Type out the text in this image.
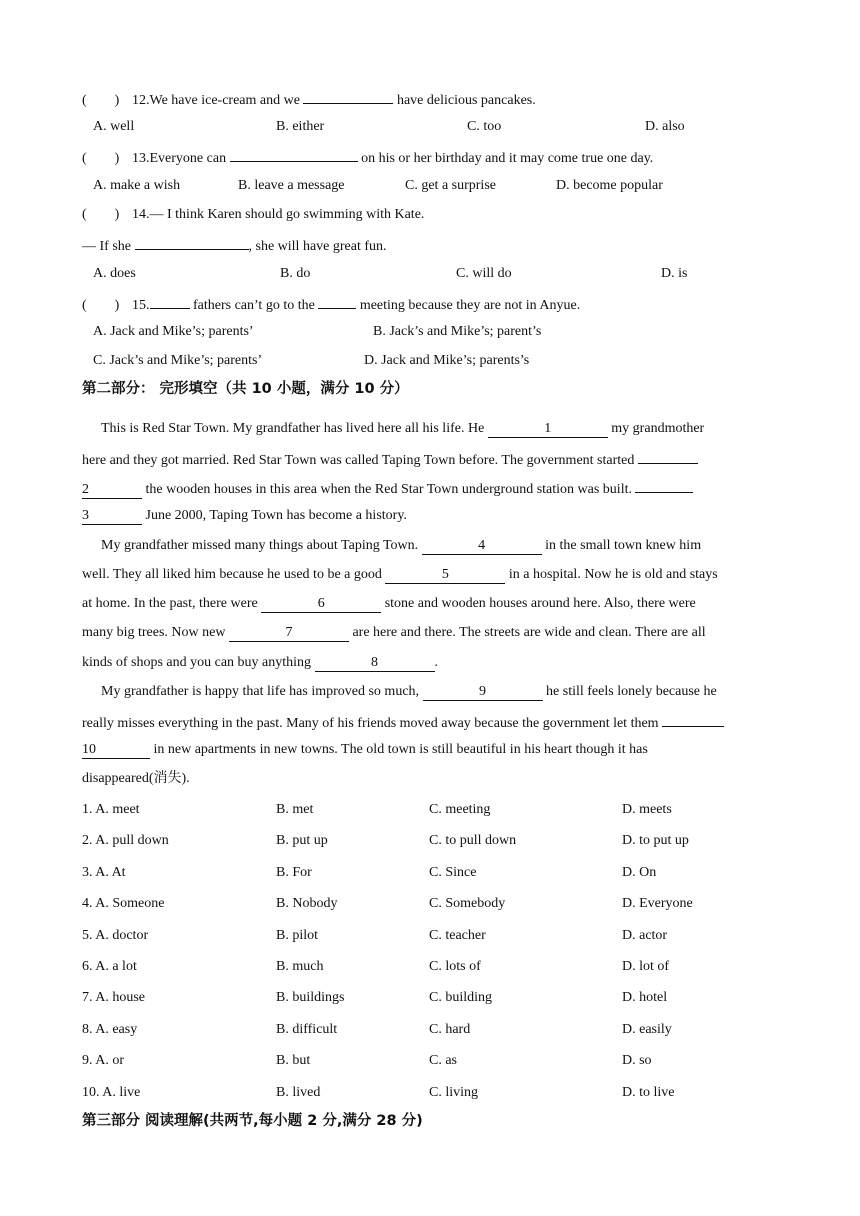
(　　) 12.We have ice-cream and we	have delicious pancakes.
A. well	B. either	C. too	D. also
(　　) 13.Everyone can	on his or her birthday and it may come true one day.
A. make a wish	B. leave a message	C. get a surprise	D. become popular
(　　) 14.— I think Karen should go swimming with Kate.
— If she	, she will have great fun.
A. does	B. do	C. will do	D. is
(　　) 15.	fathers can’t go to the	meeting because they are not in Anyue.
A. Jack and Mike’s; parents’	B. Jack’s and Mike’s; parent’s
C. Jack’s and Mike’s; parents’	D. Jack and Mike’s; parents’s
第二部分： 完形填空（共 10 小题，满分 10 分）
This is Red Star Town. My grandfather has lived here all his life. He	1	my grandmother
here and they got married. Red Star Town was called Taping Town before. The government started
2	the wooden houses in this area when the Red Star Town underground station was built.
3	June 2000, Taping Town has become a history.
My grandfather missed many things about Taping Town.	4	in the small town knew him
well. They all liked him because he used to be a good	5	in a hospital. Now he is old and stays
at home. In the past, there were	6	stone and wooden houses around here. Also, there were
many big trees. Now new	7	are here and there. The streets are wide and clean. There are all
kinds of shops and you can buy anything	8	.
My grandfather is happy that life has improved so much,	9	he still feels lonely because he
really misses everything in the past. Many of his friends moved away because the government let them
10	in new apartments in new towns. The old town is still beautiful in his heart though it has
disappeared(消失).
1. A. meet	B. met	C. meeting	D. meets
2. A. pull down	B. put up	C. to pull down	D. to put up
3. A. At	B. For	C. Since	D. On
4. A. Someone	B. Nobody	C. Somebody	D. Everyone
5. A. doctor	B. pilot	C. teacher	D. actor
6. A. a lot	B. much	C. lots of	D. lot of
7. A. house	B. buildings	C. building	D. hotel
8. A. easy	B. difficult	C. hard	D. easily
9. A. or	B. but	C. as	D. so
10. A. live	B. lived	C. living	D. to live
第三部分 阅读理解(共两节,每小题 2 分,满分 28 分)
